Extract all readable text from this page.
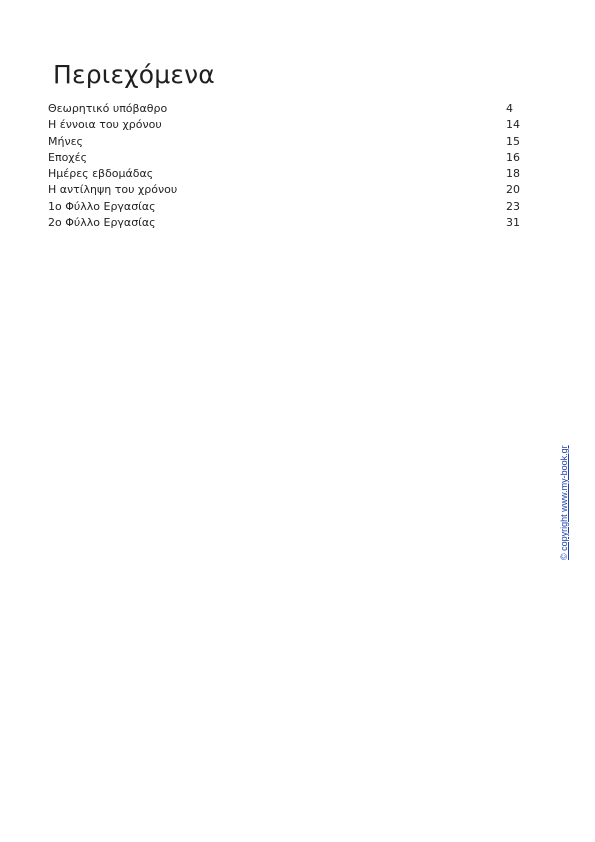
Περιεχόμενα
Θεωρητικό υπόβαθρο	4
Η έννοια του χρόνου	14
Μήνες	15
Εποχές	16
Ημέρες εβδομάδας	18
Η αντίληψη του χρόνου	20
1ο Φύλλο Εργασίας	23
2ο Φύλλο Εργασίας	31
© copyright www.my-book.gr
